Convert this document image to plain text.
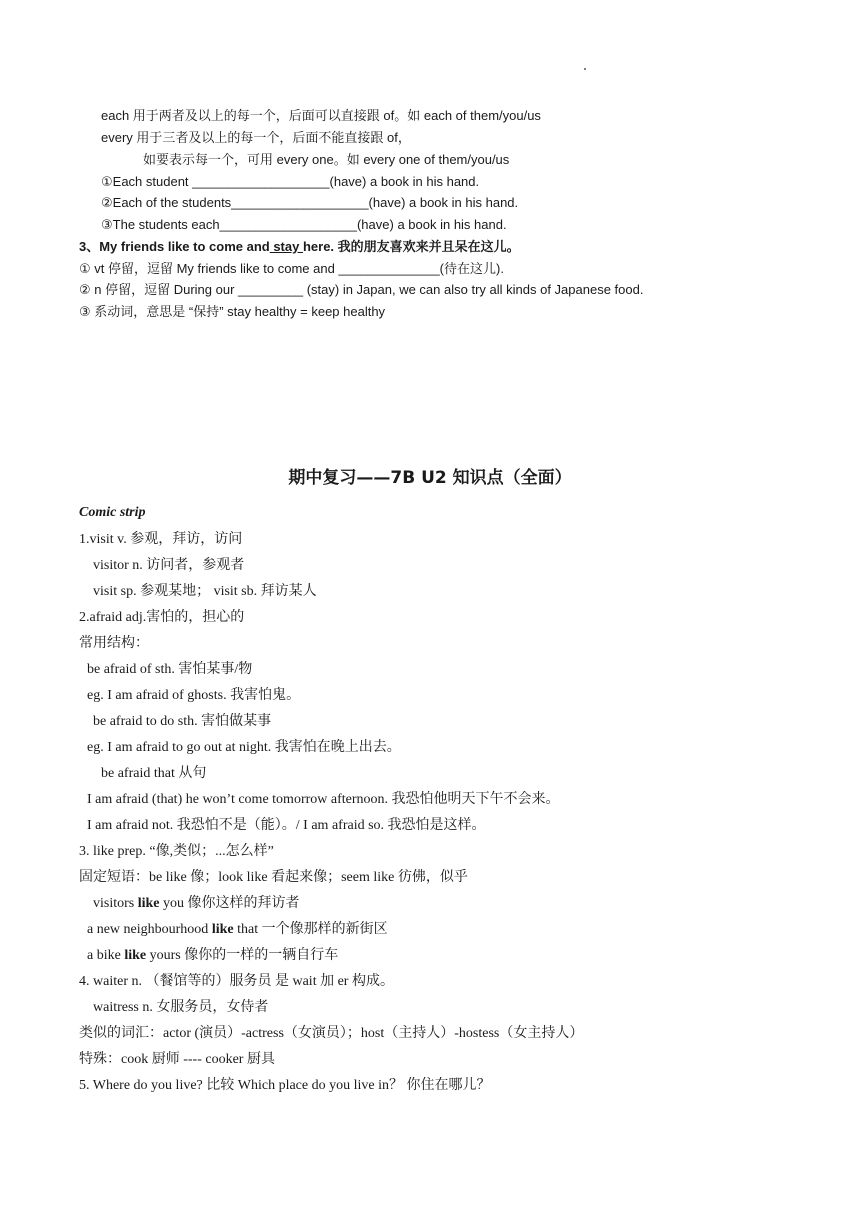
each 用于两者及以上的每一个，后面可以直接跟 of。如 each of them/you/us
every 用于三者及以上的每一个，后面不能直接跟 of，
如要表示每一个，可用 every one。如 every one of them/you/us
①Each student ___________________(have) a book in his hand.
②Each of the students___________________(have) a book in his hand.
③The students each___________________(have) a book in his hand.
3、My friends like to come and stay here. 我的朋友喜欢来并且呆在这儿。
① vt 停留，逗留 My friends like to come and ______________(待在这儿).
② n 停留，逗留 During our _________ (stay) in Japan, we can also try all kinds of Japanese food.
③ 系动词，意思是 “保持” stay healthy = keep healthy
期中复习——7B U2 知识点（全面）
Comic strip
1.visit v. 参观，拜访，访问
visitor n. 访问者，参观者
visit sp. 参观某地； visit sb. 拜访某人
2.afraid adj.害怕的，担心的
常用结构：
be afraid of sth. 害怕某事/物
eg. I am afraid of ghosts. 我害怕鬼。
be afraid to do sth. 害怕做某事
eg. I am afraid to go out at night. 我害怕在晚上出去。
be afraid that 从句
I am afraid (that) he won’t come tomorrow afternoon. 我恐怕他明天下午不会来。
I am afraid not. 我恐怕不是（能）。/ I am afraid so. 我恐怕是这样。
3. like prep. “像,类似；...怎么样”
固定短语：be like 像；look like 看起来像；seem like 彷佛，似乎
visitors like you 像你这样的拜访者
a new neighbourhood like that 一个像那样的新街区
a bike like yours 像你的一样的一辆自行车
4. waiter n. （餐馆等的）服务员 是 wait 加 er 构成。
waitress n. 女服务员，女侍者
类似的词汇：actor (演员）-actress（女演员）；host（主持人）-hostess（女主持人）
特殊：cook 厨师 ---- cooker 厨具
5. Where do you live? 比较 Which place do you live in？ 你住在哪儿？
